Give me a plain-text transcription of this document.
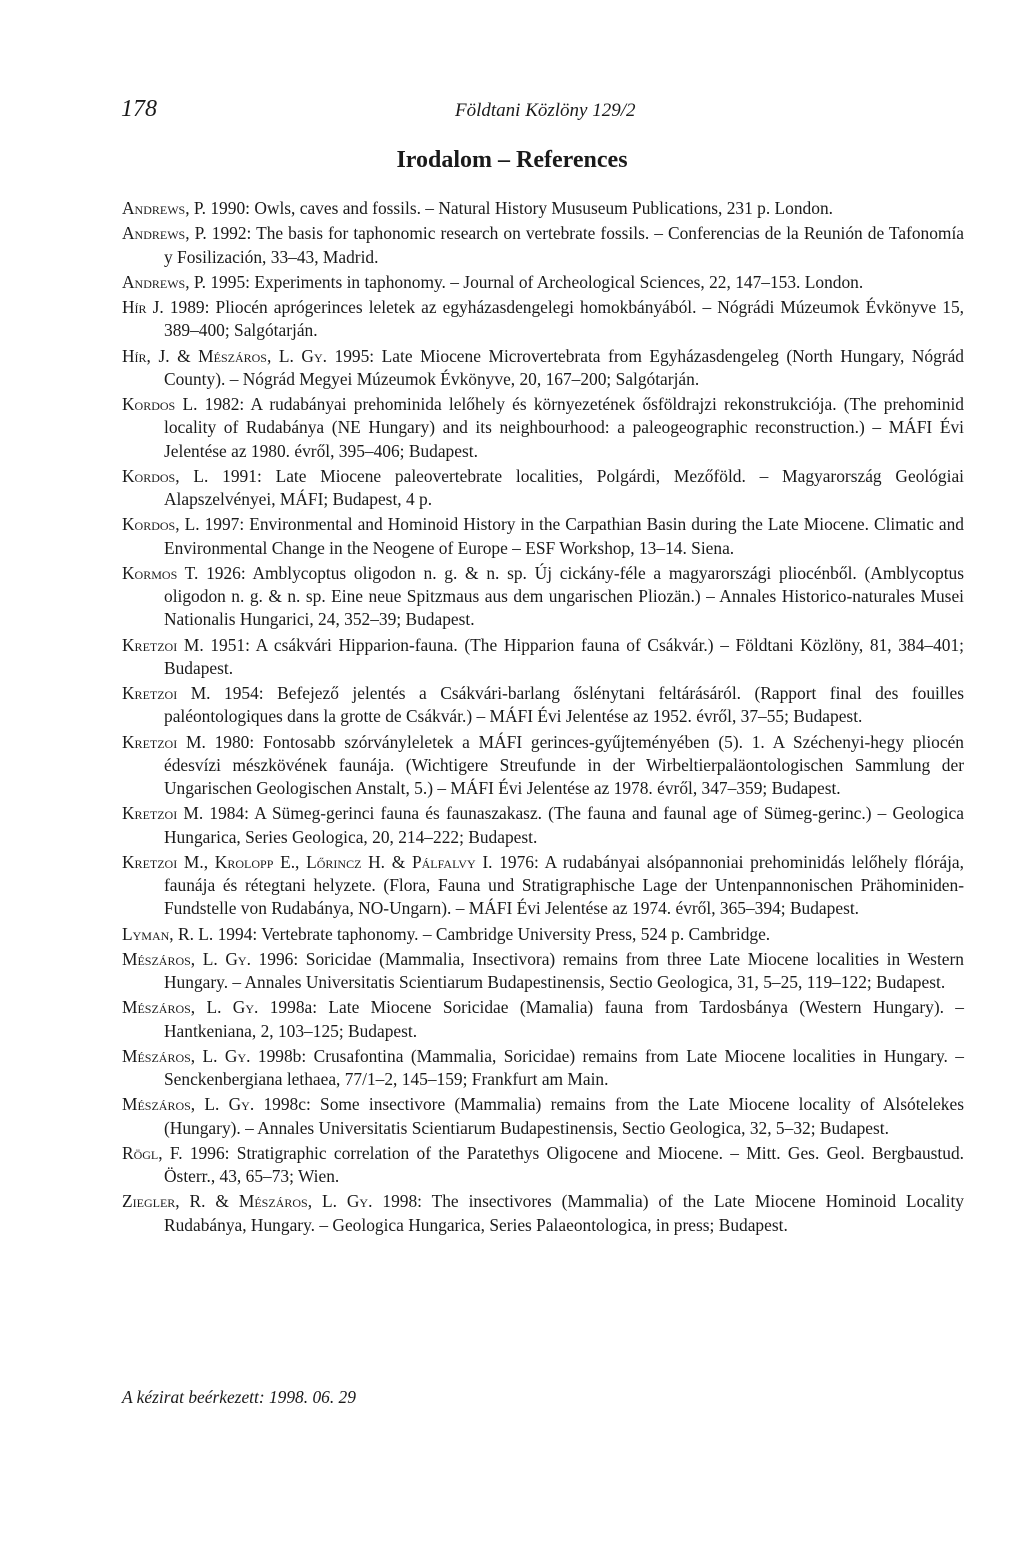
178	Földtani Közlöny 129/2
Irodalom – References
Andrews, P. 1990: Owls, caves and fossils. – Natural History Mususeum Publications, 231 p. London.
Andrews, P. 1992: The basis for taphonomic research on vertebrate fossils. – Conferencias de la Reunión de Tafonomía y Fosilización, 33–43, Madrid.
Andrews, P. 1995: Experiments in taphonomy. – Journal of Archeological Sciences, 22, 147–153. London.
Hír J. 1989: Pliocén aprógerinces leletek az egyházasdengelegi homokbányából. – Nógrádi Múzeumok Évkönyve 15, 389–400; Salgótarján.
Hír, J. & Mészáros, L. Gy. 1995: Late Miocene Microvertebrata from Egyházasdengeleg (North Hungary, Nógrád County). – Nógrád Megyei Múzeumok Évkönyve, 20, 167–200; Salgótarján.
Kordos L. 1982: A rudabányai prehominida lelőhely és környezetének ősföldrajzi rekonstrukciója. (The prehominid locality of Rudabánya (NE Hungary) and its neighbourhood: a paleogeographic reconstruction.) – MÁFI Évi Jelentése az 1980. évről, 395–406; Budapest.
Kordos, L. 1991: Late Miocene paleovertebrate localities, Polgárdi, Mezőföld. – Magyarország Geológiai Alapszelvényei, MÁFI; Budapest, 4 p.
Kordos, L. 1997: Environmental and Hominoid History in the Carpathian Basin during the Late Miocene. Climatic and Environmental Change in the Neogene of Europe – ESF Workshop, 13–14. Siena.
Kormos T. 1926: Amblycoptus oligodon n. g. & n. sp. Új cickány-féle a magyarországi pliocénből. (Amblycoptus oligodon n. g. & n. sp. Eine neue Spitzmaus aus dem ungarischen Pliozän.) – Annales Historico-naturales Musei Nationalis Hungarici, 24, 352–39; Budapest.
Kretzoi M. 1951: A csákvári Hipparion-fauna. (The Hipparion fauna of Csákvár.) – Földtani Közlöny, 81, 384–401; Budapest.
Kretzoi M. 1954: Befejező jelentés a Csákvári-barlang őslénytani feltárásáról. (Rapport final des fouilles paléontologiques dans la grotte de Csákvár.) – MÁFI Évi Jelentése az 1952. évről, 37–55; Budapest.
Kretzoi M. 1980: Fontosabb szórványleletek a MÁFI gerinces-gyűjteményében (5). 1. A Széchenyi-hegy pliocén édesvízi mészkövének faunája. (Wichtigere Streufunde in der Wirbeltierpaläontologischen Sammlung der Ungarischen Geologischen Anstalt, 5.) – MÁFI Évi Jelentése az 1978. évről, 347–359; Budapest.
Kretzoi M. 1984: A Sümeg-gerinci fauna és faunaszakasz. (The fauna and faunal age of Sümeg-gerinc.) – Geologica Hungarica, Series Geologica, 20, 214–222; Budapest.
Kretzoi M., Krolopp E., Lőrincz H. & Pálfalvy I. 1976: A rudabányai alsópannoniai prehominidás lelőhely flórája, faunája és rétegtani helyzete. (Flora, Fauna und Stratigraphische Lage der Untenpannonischen Prähominiden-Fundstelle von Rudabánya, NO-Ungarn). – MÁFI Évi Jelentése az 1974. évről, 365–394; Budapest.
Lyman, R. L. 1994: Vertebrate taphonomy. – Cambridge University Press, 524 p. Cambridge.
Mészáros, L. Gy. 1996: Soricidae (Mammalia, Insectivora) remains from three Late Miocene localities in Western Hungary. – Annales Universitatis Scientiarum Budapestinensis, Sectio Geologica, 31, 5–25, 119–122; Budapest.
Mészáros, L. Gy. 1998a: Late Miocene Soricidae (Mamalia) fauna from Tardosbánya (Western Hungary). – Hantkeniana, 2, 103–125; Budapest.
Mészáros, L. Gy. 1998b: Crusafontina (Mammalia, Soricidae) remains from Late Miocene localities in Hungary. – Senckenbergiana lethaea, 77/1–2, 145–159; Frankfurt am Main.
Mészáros, L. Gy. 1998c: Some insectivore (Mammalia) remains from the Late Miocene locality of Alsótelekes (Hungary). – Annales Universitatis Scientiarum Budapestinensis, Sectio Geologica, 32, 5–32; Budapest.
Rögl, F. 1996: Stratigraphic correlation of the Paratethys Oligocene and Miocene. – Mitt. Ges. Geol. Bergbaustud. Österr., 43, 65–73; Wien.
Ziegler, R. & Mészáros, L. Gy. 1998: The insectivores (Mammalia) of the Late Miocene Hominoid Locality Rudabánya, Hungary. – Geologica Hungarica, Series Palaeontologica, in press; Budapest.
A kézirat beérkezett: 1998. 06. 29
